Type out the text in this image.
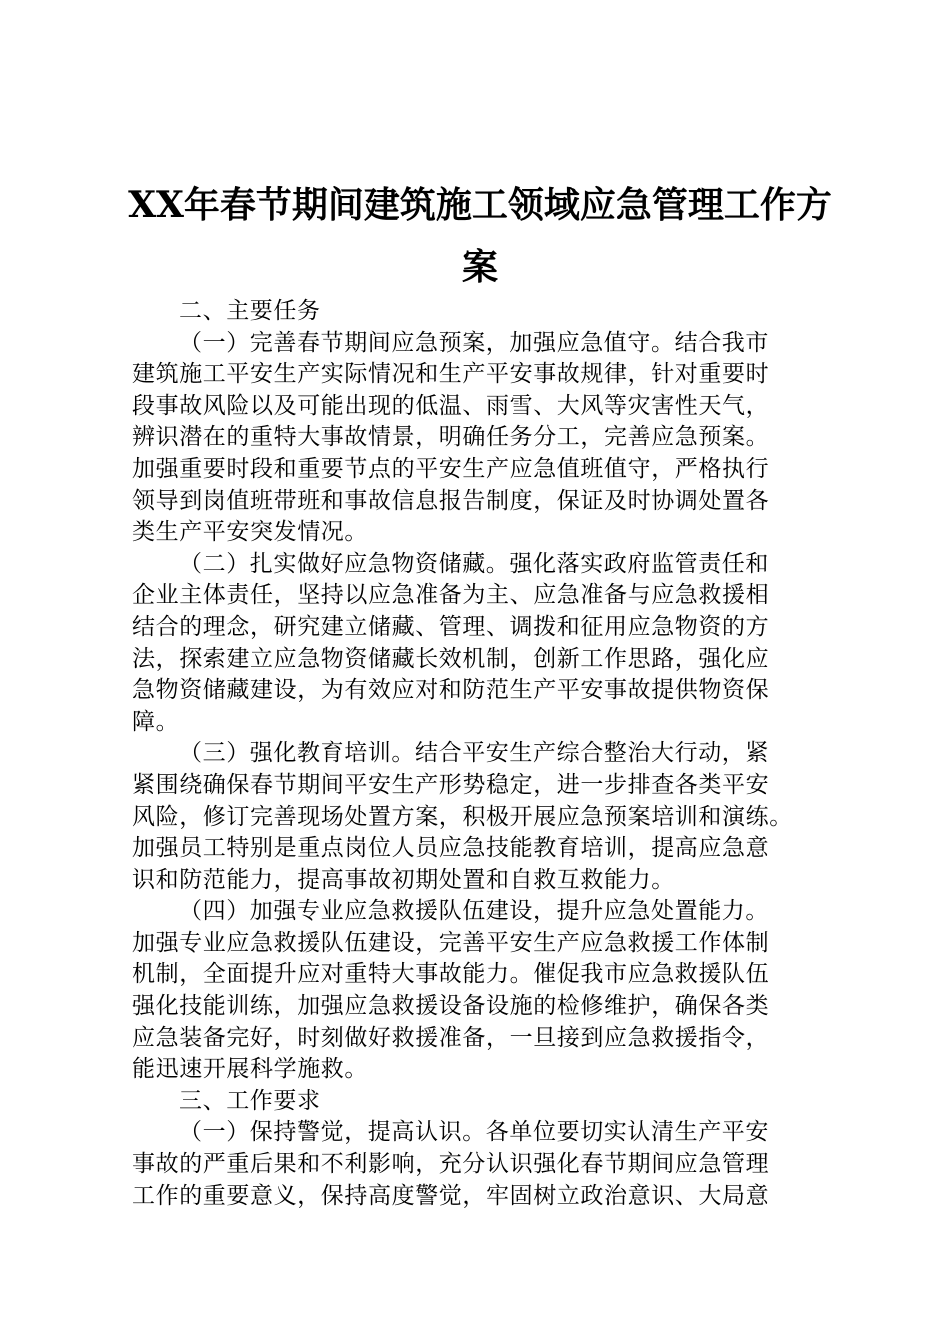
XX年春节期间建筑施工领域应急管理工作方
案
二、主要任务
（一）完善春节期间应急预案，加强应急值守。结合我市
建筑施工平安生产实际情况和生产平安事故规律，针对重要时
段事故风险以及可能出现的低温、雨雪、大风等灾害性天气，
辨识潜在的重特大事故情景，明确任务分工，完善应急预案。
加强重要时段和重要节点的平安生产应急值班值守，严格执行
领导到岗值班带班和事故信息报告制度，保证及时协调处置各
类生产平安突发情况。
（二）扎实做好应急物资储藏。强化落实政府监管责任和
企业主体责任，坚持以应急准备为主、应急准备与应急救援相
结合的理念，研究建立储藏、管理、调拨和征用应急物资的方
法，探索建立应急物资储藏长效机制，创新工作思路，强化应
急物资储藏建设，为有效应对和防范生产平安事故提供物资保
障。
（三）强化教育培训。结合平安生产综合整治大行动，紧
紧围绕确保春节期间平安生产形势稳定，进一步排查各类平安
风险，修订完善现场处置方案，积极开展应急预案培训和演练。
加强员工特别是重点岗位人员应急技能教育培训，提高应急意
识和防范能力，提高事故初期处置和自救互救能力。
（四）加强专业应急救援队伍建设，提升应急处置能力。
加强专业应急救援队伍建设，完善平安生产应急救援工作体制
机制，全面提升应对重特大事故能力。催促我市应急救援队伍
强化技能训练，加强应急救援设备设施的检修维护，确保各类
应急装备完好，时刻做好救援准备，一旦接到应急救援指令，
能迅速开展科学施救。
三、工作要求
（一）保持警觉，提高认识。各单位要切实认清生产平安
事故的严重后果和不利影响，充分认识强化春节期间应急管理
工作的重要意义，保持高度警觉，牢固树立政治意识、大局意
